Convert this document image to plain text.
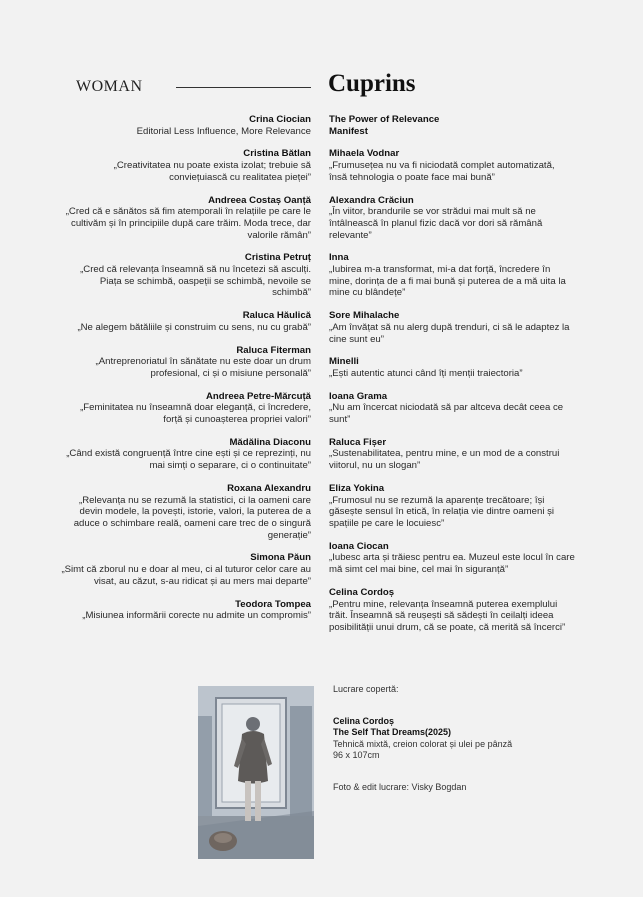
WOMAN	Cuprins
Crina Ciocian
Editorial Less Influence, More Relevance
Cristina Bătlan
„Creativitatea nu poate exista izolat; trebuie să conviețuiască cu realitatea pieței”
Andreea Costaș Oanță
„Cred că e sănătos să fim atemporali în relațiile pe care le cultivăm și în principiile după care trăim. Moda trece, dar valorile rămân”
Cristina Petruț
„Cred că relevanța înseamnă să nu încetezi să asculți. Piața se schimbă, oaspeții se schimbă, nevoile se schimbă”
Raluca Hăulică
„Ne alegem bătăliile și construim cu sens, nu cu grabă”
Raluca Fiterman
„Antreprenoriatul în sănătate nu este doar un drum profesional, ci și o misiune personală”
Andreea Petre-Mărcuță
„Feminitatea nu înseamnă doar eleganță, ci încredere, forță și cunoașterea propriei valori”
Mădălina Diaconu
„Când există congruență între cine ești și ce reprezinți, nu mai simți o separare, ci o continuitate”
Roxana Alexandru
„Relevanța nu se rezumă la statistici, ci la oameni care devin modele, la povești, istorie, valori, la puterea de a aduce o schimbare reală, oameni care trec de o singură generație”
Simona Păun
„Simt că zborul nu e doar al meu, ci al tuturor celor care au visat, au căzut, s-au ridicat și au mers mai departe”
Teodora Tompea
„Misiunea informării corecte nu admite un compromis”
The Power of Relevance
Manifest
Mihaela Vodnar
„Frumusețea nu va fi niciodată complet automatizată, însă tehnologia o poate face mai bună”
Alexandra Crăciun
„În viitor, brandurile se vor strădui mai mult să ne întâlnească în planul fizic dacă vor dori să rămână relevante”
Inna
„Iubirea m-a transformat, mi-a dat forță, încredere în mine, dorința de a fi mai bună și puterea de a mă uita la mine cu blândețe”
Sore Mihalache
„Am învățat să nu alerg după trenduri, ci să le adaptez la cine sunt eu”
Minelli
„Ești autentic atunci când îți menții traiectoria”
Ioana Grama
„Nu am încercat niciodată să par altceva decât ceea ce sunt”
Raluca Fișer
„Sustenabilitatea, pentru mine, e un mod de a construi viitorul, nu un slogan”
Eliza Yokina
„Frumosul nu se rezumă la aparențe trecătoare; își găsește sensul în etică, în relația vie dintre oameni și spațiile pe care le locuiesc”
Ioana Ciocan
„Iubesc arta și trăiesc pentru ea. Muzeul este locul în care mă simt cel mai bine, cel mai în siguranță”
Celina Cordoș
„Pentru mine, relevanța înseamnă puterea exemplului trăit. Înseamnă să reușești să sădești în ceilalți ideea posibilității unui drum, că se poate, că merită să încerci”
Lucrare copertă:
Celina Cordoș
The Self That Dreams(2025)
Tehnică mixtă, creion colorat și ulei pe pânză
96 x 107cm
Foto & edit lucrare: Visky Bogdan
